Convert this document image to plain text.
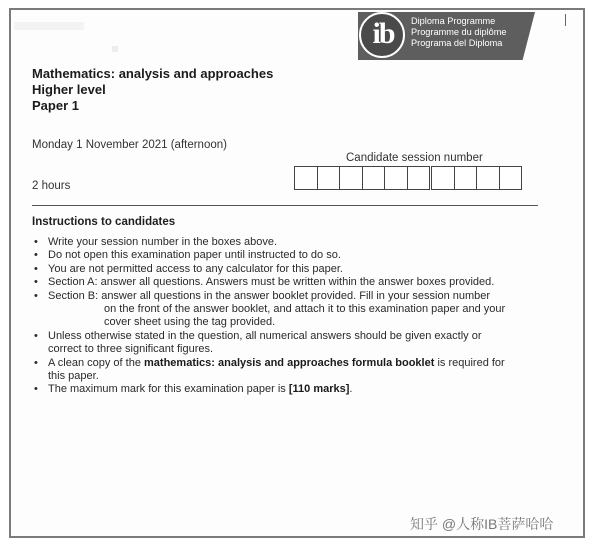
ib	Diploma Programme
Programme du diplôme
Programa del Diploma
Mathematics: analysis and approaches
Higher level
Paper 1
Monday 1 November 2021 (afternoon)
2 hours
Candidate session number
Instructions to candidates
• Write your session number in the boxes above.
• Do not open this examination paper until instructed to do so.
• You are not permitted access to any calculator for this paper.
• Section A: answer all questions. Answers must be written within the answer boxes provided.
• Section B: answer all questions in the answer booklet provided. Fill in your session number
on the front of the answer booklet, and attach it to this examination paper and your
cover sheet using the tag provided.
• Unless otherwise stated in the question, all numerical answers should be given exactly or
correct to three significant figures.
• A clean copy of the mathematics: analysis and approaches formula booklet is required for
this paper.
• The maximum mark for this examination paper is [110 marks].
知乎 @人称IB菩萨哈哈
